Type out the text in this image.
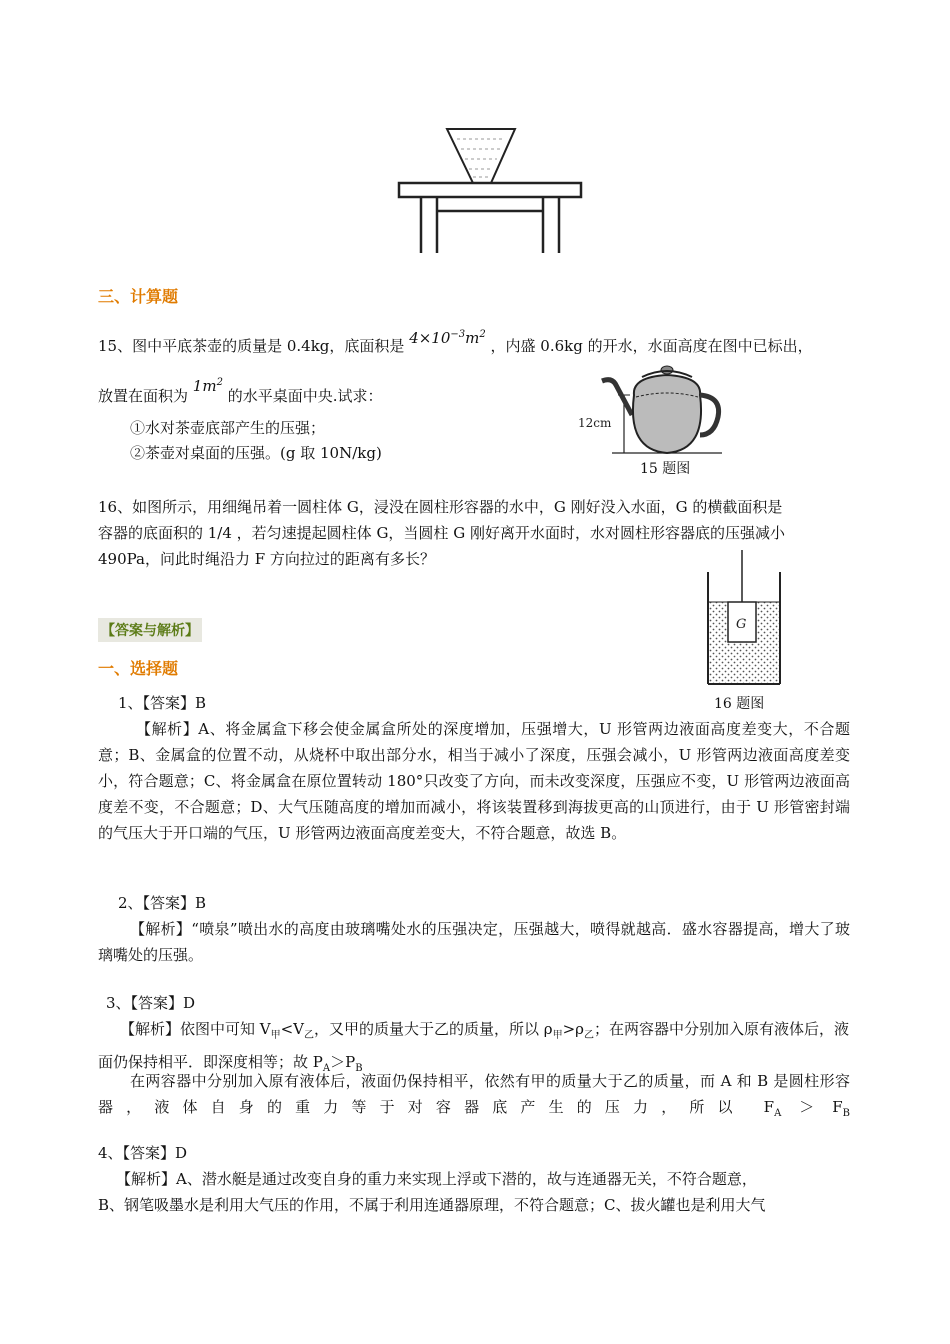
三、计算题
15、图中平底茶壶的质量是 0.4kg，底面积是 $4\times 10^{-3}m^2$ ，内盛 0.6kg 的开水，水面高度在图中已标出，
放置在面积为 $1m^2$ 的水平桌面中央.试求：
①水对茶壶底部产生的压强；
②茶壶对桌面的压强。(g 取 10N/kg)
12cm
15 题图
16、如图所示，用细绳吊着一圆柱体 G，浸没在圆柱形容器的水中，G 刚好没入水面，G 的横截面积是
容器的底面积的 1/4 ，若匀速提起圆柱体 G，当圆柱 G 刚好离开水面时，水对圆柱形容器底的压强减小
490Pa，问此时绳沿力 F 方向拉过的距离有多长？
G
16 题图
【答案与解析】
一、选择题
1、【答案】B
【解析】A、将金属盒下移会使金属盒所处的深度增加，压强增大，U 形管两边液面高度差变大，不合题意；B、金属盒的位置不动，从烧杯中取出部分水，相当于减小了深度，压强会减小，U 形管两边液面高度差变小，符合题意；C、将金属盒在原位置转动 180°只改变了方向，而未改变深度，压强应不变，U 形管两边液面高度差不变，不合题意；D、大气压随高度的增加而减小，将该装置移到海拔更高的山顶进行，由于 U 形管密封端的气压大于开口端的气压，U 形管两边液面高度差变大，不符合题意，故选 B。
2、【答案】B
【解析】“喷泉”喷出水的高度由玻璃嘴处水的压强决定，压强越大，喷得就越高．盛水容器提高，增大了玻璃嘴处的压强。
3、【答案】D
【解析】依图中可知 $V_甲<V_乙$，又甲的质量大于乙的质量，所以 $\rho_甲>\rho_乙$；在两容器中分别加入原有液体后，液面仍保持相平．即深度相等；故 $P_A>P_B$
在两容器中分别加入原有液体后，液面仍保持相平，依然有甲的质量大于乙的质量，而 A 和 B 是圆柱形容器，液体自身的重力等于对容器底产生的压力，所以 $F_A > F_B$
4、【答案】D
【解析】A、潜水艇是通过改变自身的重力来实现上浮或下潜的，故与连通器无关，不符合题意，
B、钢笔吸墨水是利用大气压的作用，不属于利用连通器原理，不符合题意；C、拔火罐也是利用大气
